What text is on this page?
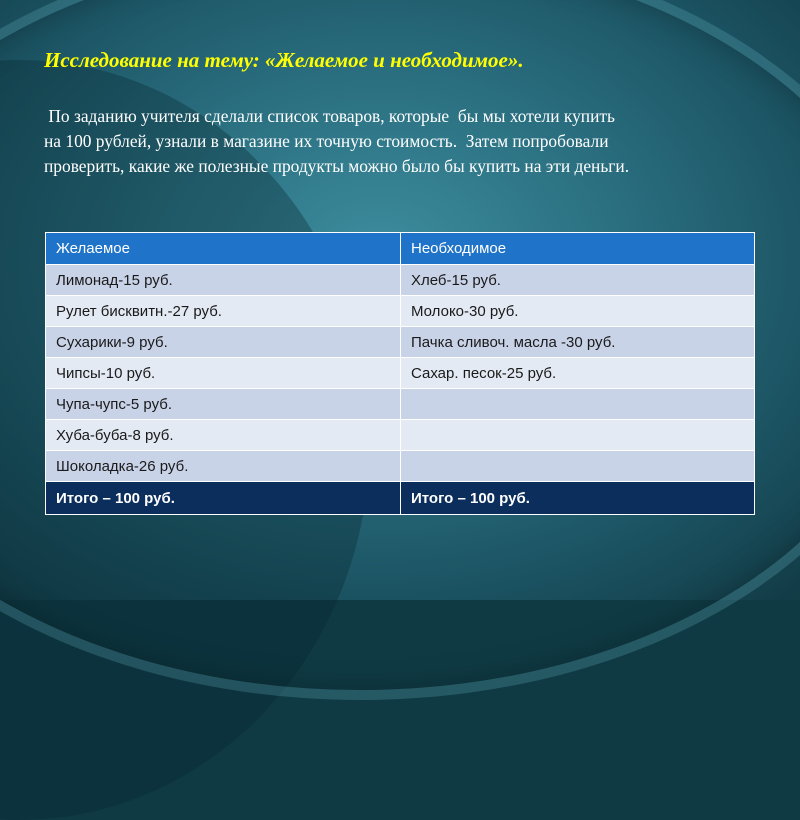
Исследование на тему: «Желаемое и необходимое».
По заданию учителя сделали список товаров, которые  бы мы хотели купить
на 100 рублей, узнали в магазине их точную стоимость.  Затем попробовали
проверить, какие же полезные продукты можно было бы купить на эти деньги.
Желаемое	Необходимое
Лимонад-15 руб.	Хлеб-15 руб.
Рулет бисквитн.-27 руб.	Молоко-30 руб.
Сухарики-9 руб.	Пачка сливоч. масла -30 руб.
Чипсы-10 руб.	Сахар. песок-25 руб.
Чупа-чупс-5 руб.	
Хуба-буба-8 руб.	
Шоколадка-26 руб.	
Итого – 100 руб.	Итого – 100 руб.
